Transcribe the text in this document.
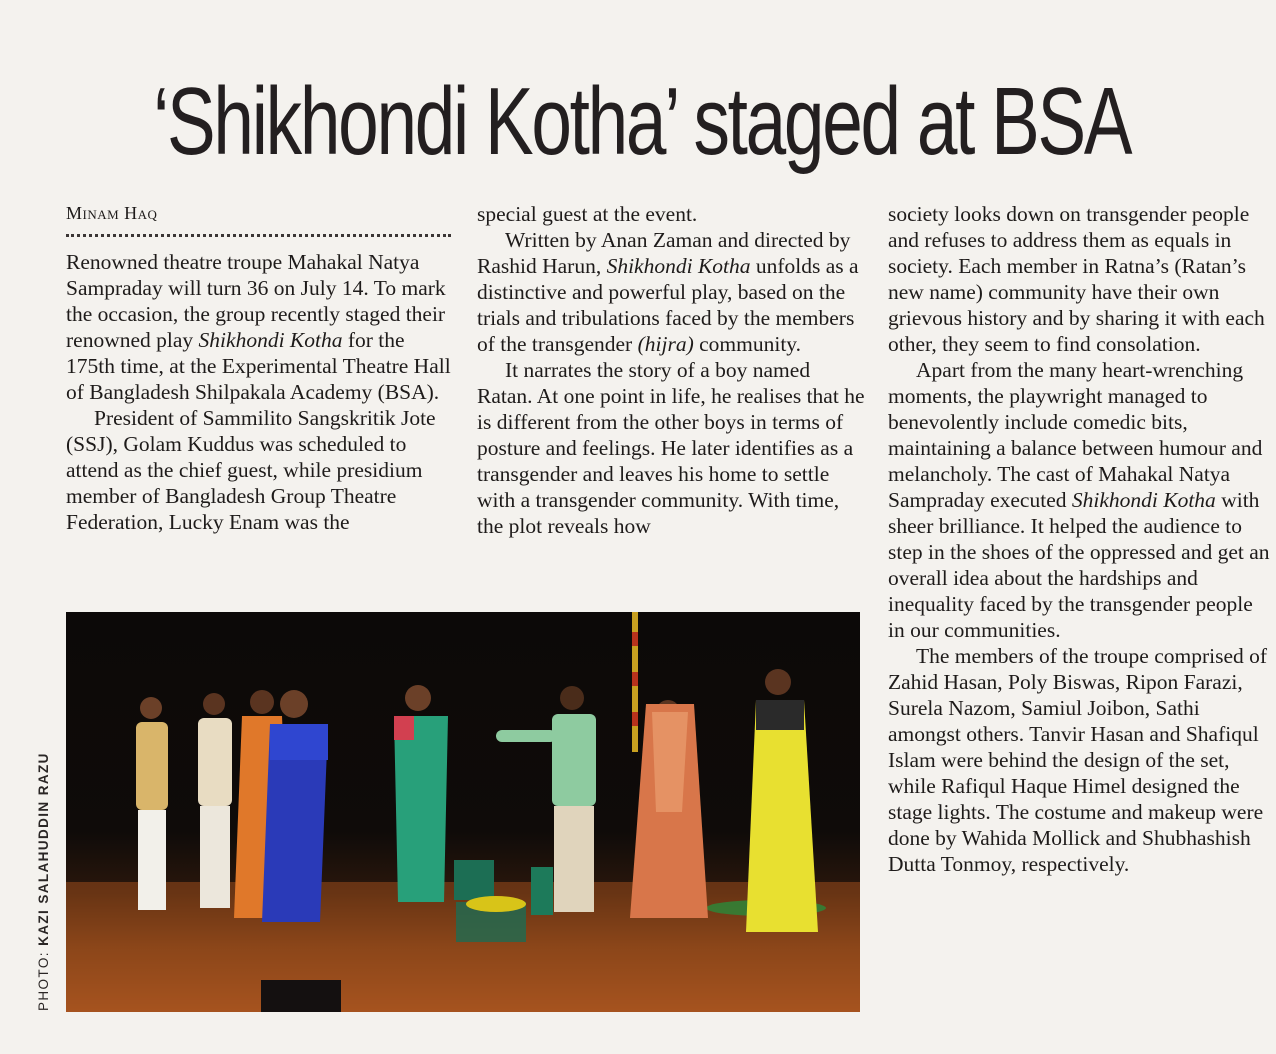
‘Shikhondi Kotha’ staged at BSA

Minam Haq

Renowned theatre troupe Mahakal Natya Sampraday will turn 36 on July 14. To mark the occasion, the group recently staged their renowned play Shikhondi Kotha for the 175th time, at the Experimental Theatre Hall of Bangladesh Shilpakala Academy (BSA).

President of Sammilito Sangskritik Jote (SSJ), Golam Kuddus was scheduled to attend as the chief guest, while presidium member of Bangladesh Group Theatre Federation, Lucky Enam was the

special guest at the event.

Written by Anan Zaman and directed by Rashid Harun, Shikhondi Kotha unfolds as a distinctive and powerful play, based on the trials and tribulations faced by the members of the transgender (hijra) community.

It narrates the story of a boy named Ratan. At one point in life, he realises that he is different from the other boys in terms of posture and feelings. He later identifies as a transgender and leaves his home to settle with a transgender community. With time, the plot reveals how

society looks down on transgender people and refuses to address them as equals in society. Each member in Ratna’s (Ratan’s new name) community have their own grievous history and by sharing it with each other, they seem to find consolation.

Apart from the many heart-wrenching moments, the playwright managed to benevolently include comedic bits, maintaining a balance between humour and melancholy. The cast of Mahakal Natya Sampraday executed Shikhondi Kotha with sheer brilliance. It helped the audience to step in the shoes of the oppressed and get an overall idea about the hardships and inequality faced by the transgender people in our communities.

The members of the troupe comprised of Zahid Hasan, Poly Biswas, Ripon Farazi, Surela Nazom, Samiul Joibon, Sathi amongst others. Tanvir Hasan and Shafiqul Islam were behind the design of the set, while Rafiqul Haque Himel designed the stage lights. The costume and makeup were done by Wahida Mollick and Shubhashish Dutta Tonmoy, respectively.

PHOTO: KAZI SALAHUDDIN RAZU
